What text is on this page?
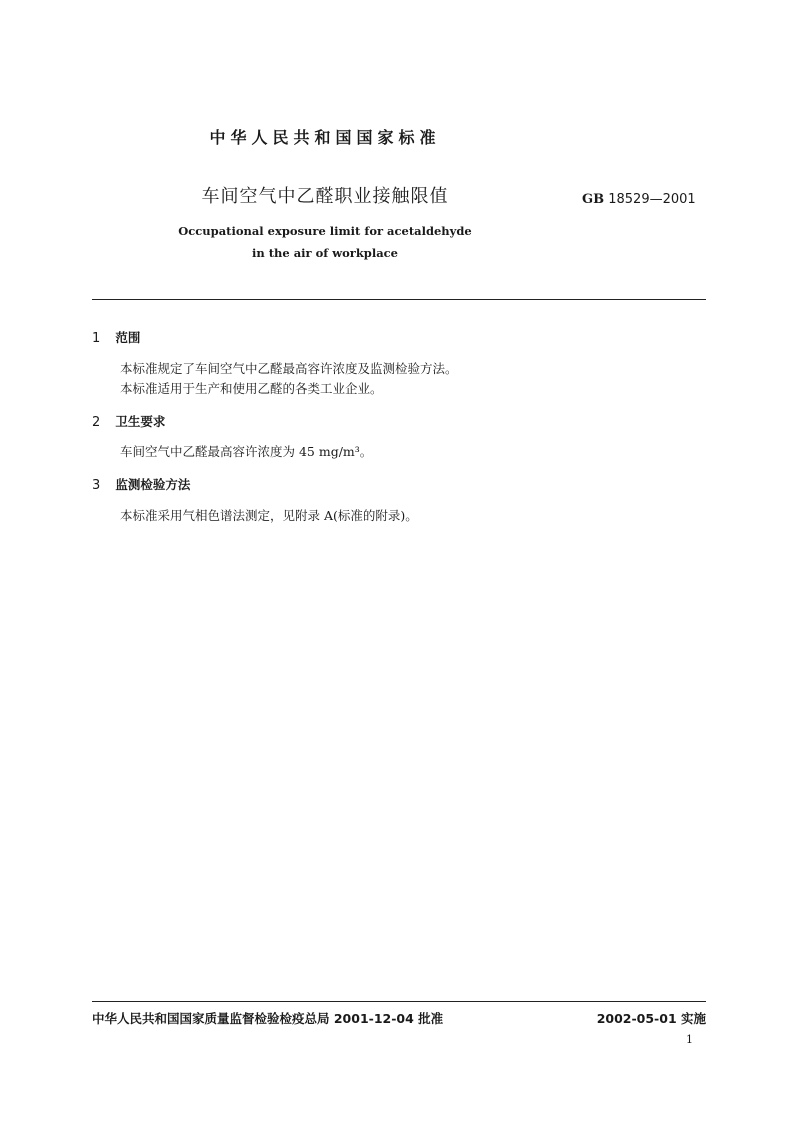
中华人民共和国国家标准
车间空气中乙醛职业接触限值	GB 18529—2001
Occupational exposure limit for acetaldehyde
in the air of workplace
1 范围
本标准规定了车间空气中乙醛最高容许浓度及监测检验方法。
本标准适用于生产和使用乙醛的各类工业企业。
2 卫生要求
车间空气中乙醛最高容许浓度为 45 mg/m³。
3 监测检验方法
本标准采用气相色谱法测定，见附录 A(标准的附录)。
中华人民共和国国家质量监督检验检疫总局 2001-12-04 批准	2002-05-01 实施
1
